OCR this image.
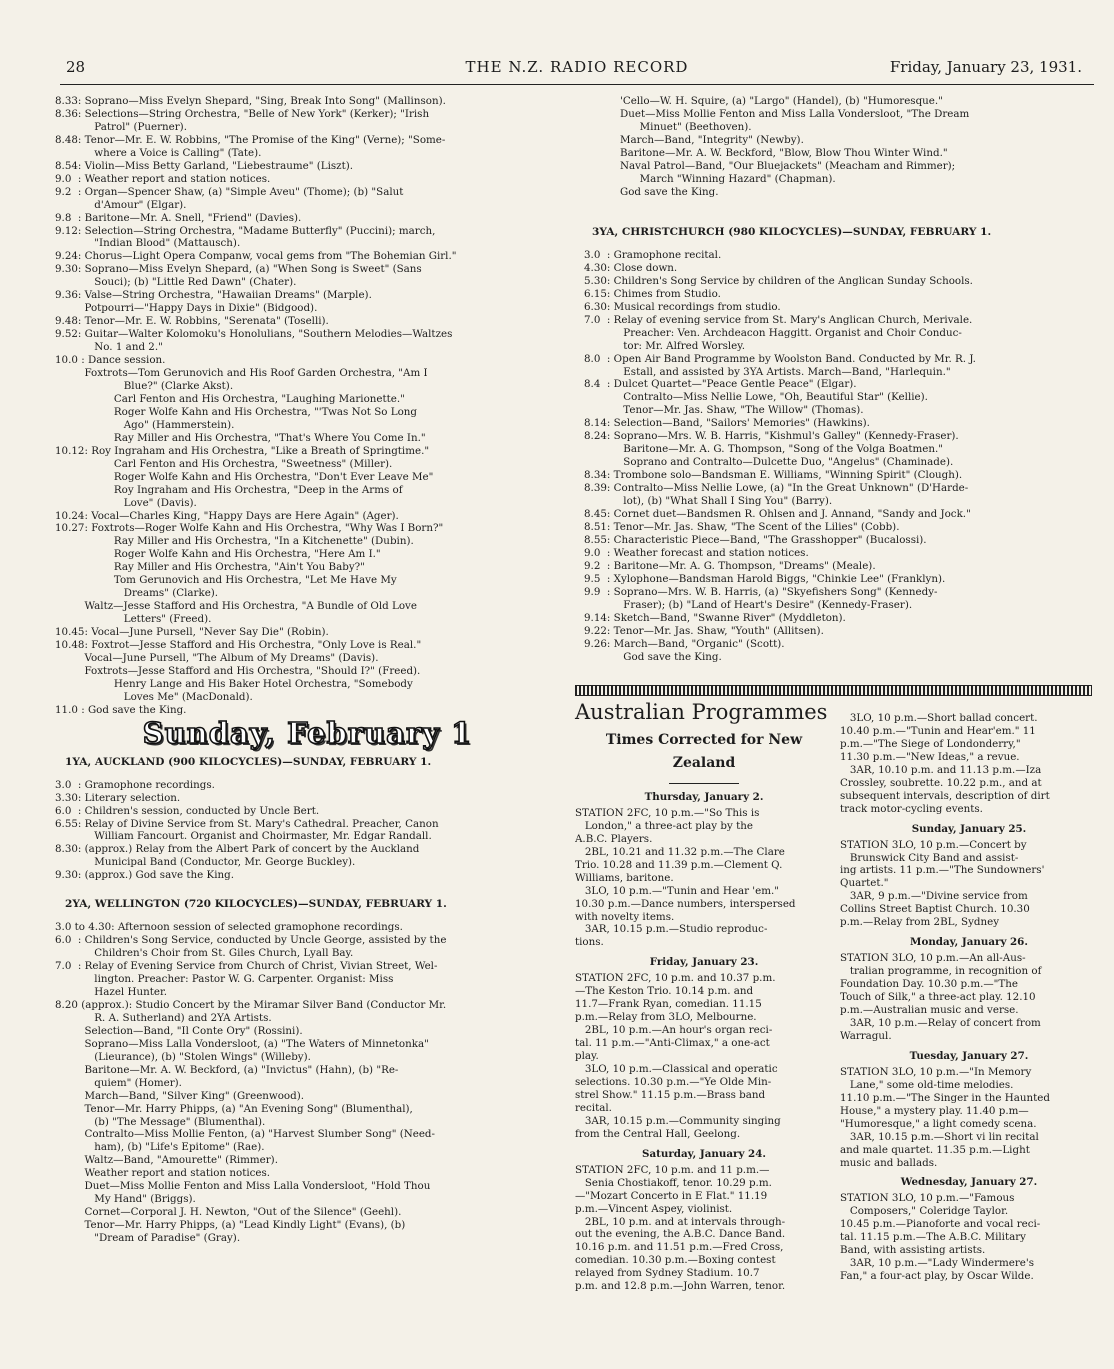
28	THE N.Z. RADIO RECORD	Friday, January 23, 1931.
8.33: Soprano—Miss Evelyn Shepard, "Sing, Break Into Song" (Mallinson).
8.36: Selections—String Orchestra, "Belle of New York" (Kerker); "Irish
Patrol" (Puerner).
8.48: Tenor—Mr. E. W. Robbins, "The Promise of the King" (Verne); "Some-
where a Voice is Calling" (Tate).
8.54: Violin—Miss Betty Garland, "Liebestraume" (Liszt).
9.0  : Weather report and station notices.
9.2  : Organ—Spencer Shaw, (a) "Simple Aveu" (Thome); (b) "Salut
d'Amour" (Elgar).
9.8  : Baritone—Mr. A. Snell, "Friend" (Davies).
9.12: Selection—String Orchestra, "Madame Butterfly" (Puccini); march,
"Indian Blood" (Mattausch).
9.24: Chorus—Light Opera Companw, vocal gems from "The Bohemian Girl."
9.30: Soprano—Miss Evelyn Shepard, (a) "When Song is Sweet" (Sans
Souci); (b) "Little Red Dawn" (Chater).
9.36: Valse—String Orchestra, "Hawaiian Dreams" (Marple).
Potpourri—"Happy Days in Dixie" (Bidgood).
9.48: Tenor—Mr. E. W. Robbins, "Serenata" (Toselli).
9.52: Guitar—Walter Kolomoku's Honolulians, "Southern Melodies—Waltzes
No. 1 and 2."
10.0 : Dance session.
Foxtrots—Tom Gerunovich and His Roof Garden Orchestra, "Am I
Blue?" (Clarke Akst).
Carl Fenton and His Orchestra, "Laughing Marionette."
Roger Wolfe Kahn and His Orchestra, "'Twas Not So Long
Ago" (Hammerstein).
Ray Miller and His Orchestra, "That's Where You Come In."
10.12: Roy Ingraham and His Orchestra, "Like a Breath of Springtime."
Carl Fenton and His Orchestra, "Sweetness" (Miller).
Roger Wolfe Kahn and His Orchestra, "Don't Ever Leave Me"
Roy Ingraham and His Orchestra, "Deep in the Arms of
Love" (Davis).
10.24: Vocal—Charles King, "Happy Days are Here Again" (Ager).
10.27: Foxtrots—Roger Wolfe Kahn and His Orchestra, "Why Was I Born?"
Ray Miller and His Orchestra, "In a Kitchenette" (Dubin).
Roger Wolfe Kahn and His Orchestra, "Here Am I."
Ray Miller and His Orchestra, "Ain't You Baby?"
Tom Gerunovich and His Orchestra, "Let Me Have My
Dreams" (Clarke).
Waltz—Jesse Stafford and His Orchestra, "A Bundle of Old Love
Letters" (Freed).
10.45: Vocal—June Pursell, "Never Say Die" (Robin).
10.48: Foxtrot—Jesse Stafford and His Orchestra, "Only Love is Real."
Vocal—June Pursell, "The Album of My Dreams" (Davis).
Foxtrots—Jesse Stafford and His Orchestra, "Should I?" (Freed).
Henry Lange and His Baker Hotel Orchestra, "Somebody
Loves Me" (MacDonald).
11.0 : God save the King.
Sunday, February 1
1YA, AUCKLAND (900 KILOCYCLES)—SUNDAY, FEBRUARY 1.
3.0  : Gramophone recordings.
3.30: Literary selection.
6.0  : Children's session, conducted by Uncle Bert.
6.55: Relay of Divine Service from St. Mary's Cathedral. Preacher, Canon
William Fancourt. Organist and Choirmaster, Mr. Edgar Randall.
8.30: (approx.) Relay from the Albert Park of concert by the Auckland
Municipal Band (Conductor, Mr. George Buckley).
9.30: (approx.) God save the King.
2YA, WELLINGTON (720 KILOCYCLES)—SUNDAY, FEBRUARY 1.
3.0 to 4.30: Afternoon session of selected gramophone recordings.
6.0  : Children's Song Service, conducted by Uncle George, assisted by the
Children's Choir from St. Giles Church, Lyall Bay.
7.0  : Relay of Evening Service from Church of Christ, Vivian Street, Wel-
lington. Preacher: Pastor W. G. Carpenter. Organist: Miss
Hazel Hunter.
8.20 (approx.): Studio Concert by the Miramar Silver Band (Conductor Mr.
R. A. Sutherland) and 2YA Artists.
Selection—Band, "Il Conte Ory" (Rossini).
Soprano—Miss Lalla Vondersloot, (a) "The Waters of Minnetonka"
(Lieurance), (b) "Stolen Wings" (Willeby).
Baritone—Mr. A. W. Beckford, (a) "Invictus" (Hahn), (b) "Re-
quiem" (Homer).
March—Band, "Silver King" (Greenwood).
Tenor—Mr. Harry Phipps, (a) "An Evening Song" (Blumenthal),
(b) "The Message" (Blumenthal).
Contralto—Miss Mollie Fenton, (a) "Harvest Slumber Song" (Need-
ham), (b) "Life's Epitome" (Rae).
Waltz—Band, "Amourette" (Rimmer).
Weather report and station notices.
Duet—Miss Mollie Fenton and Miss Lalla Vondersloot, "Hold Thou
My Hand" (Briggs).
Cornet—Corporal J. H. Newton, "Out of the Silence" (Geehl).
Tenor—Mr. Harry Phipps, (a) "Lead Kindly Light" (Evans), (b)
"Dream of Paradise" (Gray).
'Cello—W. H. Squire, (a) "Largo" (Handel), (b) "Humoresque."
Duet—Miss Mollie Fenton and Miss Lalla Vondersloot, "The Dream
Minuet" (Beethoven).
March—Band, "Integrity" (Newby).
Baritone—Mr. A. W. Beckford, "Blow, Blow Thou Winter Wind."
Naval Patrol—Band, "Our Bluejackets" (Meacham and Rimmer);
March "Winning Hazard" (Chapman).
God save the King.
3YA, CHRISTCHURCH (980 KILOCYCLES)—SUNDAY, FEBRUARY 1.
3.0  : Gramophone recital.
4.30: Close down.
5.30: Children's Song Service by children of the Anglican Sunday Schools.
6.15: Chimes from Studio.
6.30: Musical recordings from studio.
7.0  : Relay of evening service from St. Mary's Anglican Church, Merivale.
Preacher: Ven. Archdeacon Haggitt. Organist and Choir Conduc-
tor: Mr. Alfred Worsley.
8.0  : Open Air Band Programme by Woolston Band. Conducted by Mr. R. J.
Estall, and assisted by 3YA Artists. March—Band, "Harlequin."
8.4  : Dulcet Quartet—"Peace Gentle Peace" (Elgar).
Contralto—Miss Nellie Lowe, "Oh, Beautiful Star" (Kellie).
Tenor—Mr. Jas. Shaw, "The Willow" (Thomas).
8.14: Selection—Band, "Sailors' Memories" (Hawkins).
8.24: Soprano—Mrs. W. B. Harris, "Kishmul's Galley" (Kennedy-Fraser).
Baritone—Mr. A. G. Thompson, "Song of the Volga Boatmen."
Soprano and Contralto—Dulcette Duo, "Angelus" (Chaminade).
8.34: Trombone solo—Bandsman E. Williams, "Winning Spirit" (Clough).
8.39: Contralto—Miss Nellie Lowe, (a) "In the Great Unknown" (D'Harde-
lot), (b) "What Shall I Sing You" (Barry).
8.45: Cornet duet—Bandsmen R. Ohlsen and J. Annand, "Sandy and Jock."
8.51: Tenor—Mr. Jas. Shaw, "The Scent of the Lilies" (Cobb).
8.55: Characteristic Piece—Band, "The Grasshopper" (Bucalossi).
9.0  : Weather forecast and station notices.
9.2  : Baritone—Mr. A. G. Thompson, "Dreams" (Meale).
9.5  : Xylophone—Bandsman Harold Biggs, "Chinkie Lee" (Franklyn).
9.9  : Soprano—Mrs. W. B. Harris, (a) "Skyefishers Song" (Kennedy-
Fraser); (b) "Land of Heart's Desire" (Kennedy-Fraser).
9.14: Sketch—Band, "Swanne River" (Myddleton).
9.22: Tenor—Mr. Jas. Shaw, "Youth" (Allitsen).
9.26: March—Band, "Organic" (Scott).
God save the King.
Australian Programmes
Times Corrected for New Zealand
Thursday, January 2.
STATION 2FC, 10 p.m.—"So This is
London," a three-act play by the
A.B.C. Players.
2BL, 10.21 and 11.32 p.m.—The Clare
Trio. 10.28 and 11.39 p.m.—Clement Q.
Williams, baritone.
3LO, 10 p.m.—"Tunin and Hear 'em."
10.30 p.m.—Dance numbers, interspersed
with novelty items.
3AR, 10.15 p.m.—Studio reproduc-
tions.
Friday, January 23.
STATION 2FC, 10 p.m. and 10.37 p.m.
—The Keston Trio. 10.14 p.m. and
11.7—Frank Ryan, comedian. 11.15
p.m.—Relay from 3LO, Melbourne.
2BL, 10 p.m.—An hour's organ reci-
tal. 11 p.m.—"Anti-Climax," a one-act
play.
3LO, 10 p.m.—Classical and operatic
selections. 10.30 p.m.—"Ye Olde Min-
strel Show." 11.15 p.m.—Brass band
recital.
3AR, 10.15 p.m.—Community singing
from the Central Hall, Geelong.
Saturday, January 24.
STATION 2FC, 10 p.m. and 11 p.m.—
Senia Chostiakoff, tenor. 10.29 p.m.
—"Mozart Concerto in E Flat." 11.19
p.m.—Vincent Aspey, violinist.
2BL, 10 p.m. and at intervals through-
out the evening, the A.B.C. Dance Band.
10.16 p.m. and 11.51 p.m.—Fred Cross,
comedian. 10.30 p.m.—Boxing contest
relayed from Sydney Stadium. 10.7
p.m. and 12.8 p.m.—John Warren, tenor.
3LO, 10 p.m.—Short ballad concert.
10.40 p.m.—"Tunin and Hear'em." 11
p.m.—"The Siege of Londonderry,"
11.30 p.m.—"New Ideas," a revue.
3AR, 10.10 p.m. and 11.13 p.m.—Iza
Crossley, soubrette. 10.22 p.m., and at
subsequent intervals, description of dirt
track motor-cycling events.
Sunday, January 25.
STATION 3LO, 10 p.m.—Concert by
Brunswick City Band and assist-
ing artists. 11 p.m.—"The Sundowners'
Quartet."
3AR, 9 p.m.—"Divine service from
Collins Street Baptist Church. 10.30
p.m.—Relay from 2BL, Sydney
Monday, January 26.
STATION 3LO, 10 p.m.—An all-Aus-
tralian programme, in recognition of
Foundation Day. 10.30 p.m.—"The
Touch of Silk," a three-act play. 12.10
p.m.—Australian music and verse.
3AR, 10 p.m.—Relay of concert from
Warragul.
Tuesday, January 27.
STATION 3LO, 10 p.m.—"In Memory
Lane," some old-time melodies.
11.10 p.m.—"The Singer in the Haunted
House," a mystery play. 11.40 p.m—
"Humoresque," a light comedy scena.
3AR, 10.15 p.m.—Short vi lin recital
and male quartet. 11.35 p.m.—Light
music and ballads.
Wednesday, January 27.
STATION 3LO, 10 p.m.—"Famous
Composers," Coleridge Taylor.
10.45 p.m.—Pianoforte and vocal reci-
tal. 11.15 p.m.—The A.B.C. Military
Band, with assisting artists.
3AR, 10 p.m.—"Lady Windermere's
Fan," a four-act play, by Oscar Wilde.
